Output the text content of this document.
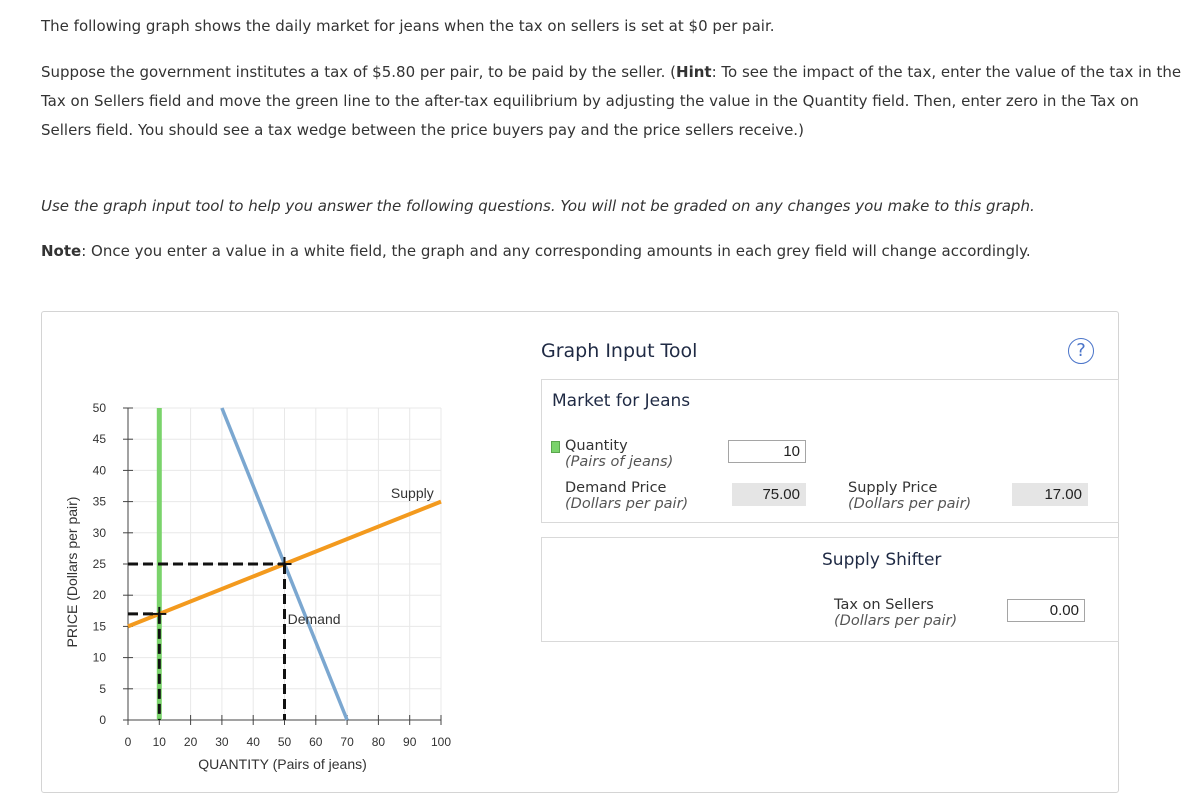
The following graph shows the daily market for jeans when the tax on sellers is set at $0 per pair.

Suppose the government institutes a tax of $5.80 per pair, to be paid by the seller. (Hint: To see the impact of the tax, enter the value of the tax in the Tax on Sellers field and move the green line to the after-tax equilibrium by adjusting the value in the Quantity field. Then, enter zero in the Tax on Sellers field. You should see a tax wedge between the price buyers pay and the price sellers receive.)

Use the graph input tool to help you answer the following questions. You will not be graded on any changes you make to this graph.

Note: Once you enter a value in a white field, the graph and any corresponding amounts in each grey field will change accordingly.

0 10 20 30 40 50 60 70 80 90 100
0
5
10
15
20
25
30
35
40
45
50
QUANTITY (Pairs of jeans)
Demand
Supply
PRICE (Dollars per pair)
Graph Input Tool	?
Market for Jeans
Quantity
(Pairs of jeans)
10
Demand Price
(Dollars per pair)
75.00	Supply Price
(Dollars per pair)
17.00
Supply Shifter
Tax on Sellers
(Dollars per pair)
0.00
